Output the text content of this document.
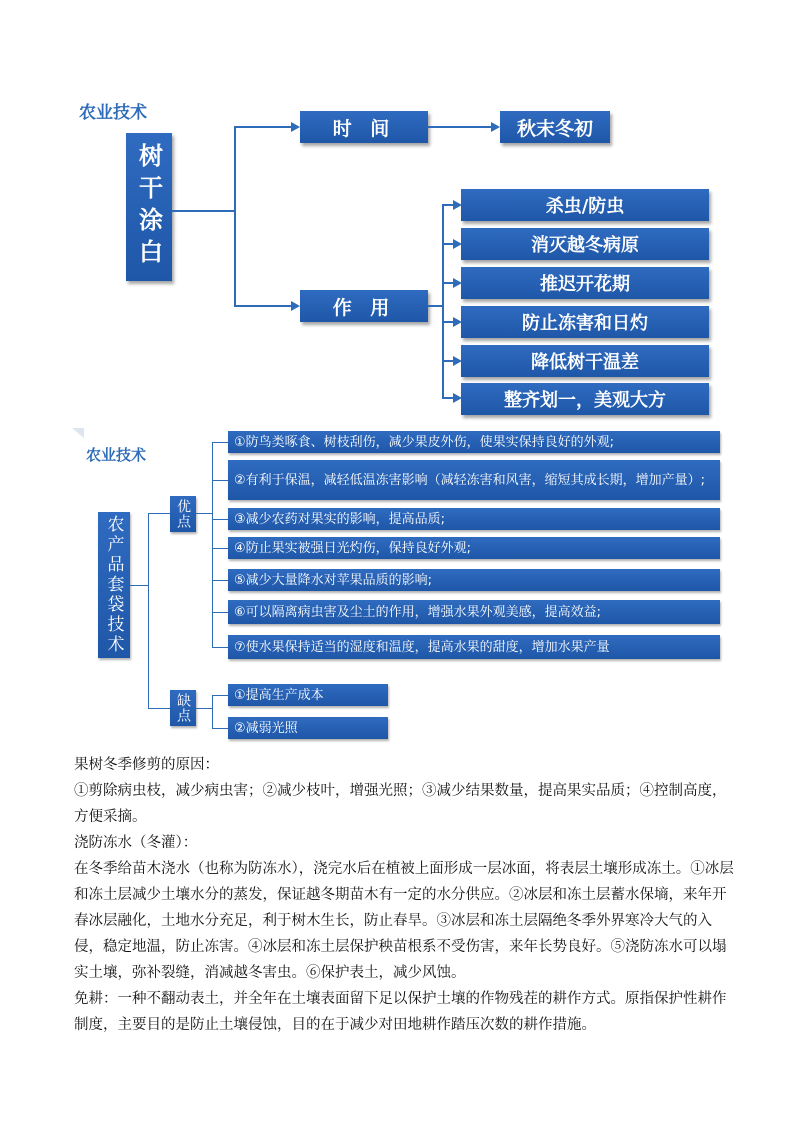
农业技术
树干涂白
时 间	秋末冬初
作 用
杀虫/防虫
消灭越冬病原
推迟开花期
防止冻害和日灼
降低树干温差
整齐划一，美观大方
农业技术
农产品套袋技术
优点
缺点
①防鸟类啄食、树枝刮伤，减少果皮外伤，使果实保持良好的外观;
②有利于保温，减轻低温冻害影响（减轻冻害和风害，缩短其成长期，增加产量）;
③减少农药对果实的影响，提高品质;
④防止果实被强日光灼伤，保持良好外观;
⑤减少大量降水对苹果品质的影响;
⑥可以隔离病虫害及尘土的作用，增强水果外观美感，提高效益;
⑦使水果保持适当的湿度和温度，提高水果的甜度，增加水果产量
①提高生产成本
②减弱光照

果树冬季修剪的原因：

①剪除病虫枝，减少病虫害；②减少枝叶，增强光照；③减少结果数量，提高果实品质；④控制高度，方便采摘。

浇防冻水（冬灌）：

在冬季给苗木浇水（也称为防冻水），浇完水后在植被上面形成一层冰面，将表层土壤形成冻土。①冰层和冻土层减少土壤水分的蒸发，保证越冬期苗木有一定的水分供应。②冰层和冻土层蓄水保墒，来年开春冰层融化，土地水分充足，利于树木生长，防止春旱。③冰层和冻土层隔绝冬季外界寒冷大气的入侵，稳定地温，防止冻害。④冰层和冻土层保护秧苗根系不受伤害，来年长势良好。⑤浇防冻水可以塌实土壤，弥补裂缝，消减越冬害虫。⑥保护表土，减少风蚀。

免耕：一种不翻动表土，并全年在土壤表面留下足以保护土壤的作物残茬的耕作方式。原指保护性耕作制度，主要目的是防止土壤侵蚀，目的在于减少对田地耕作踏压次数的耕作措施。
